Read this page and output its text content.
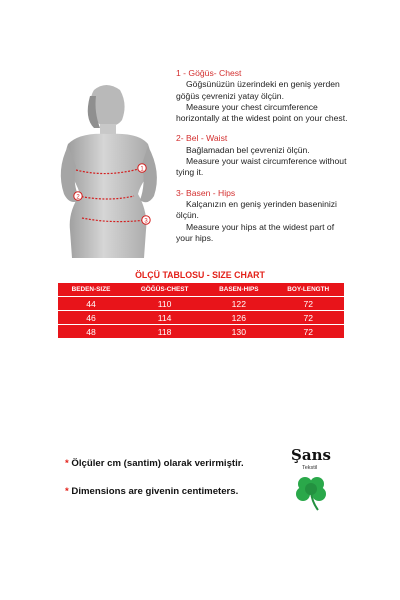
1
2
3
1 - Göğüs- Chest

Göğsünüzün üzerindeki en geniş yerden

göğüs çevrenizi yatay ölçün.

Measure your chest circumference

horizontally at the widest point on your chest.

2- Bel - Waist

Bağlamadan bel çevrenizi ölçün.

Measure your waist circumference without

tying it.

3- Basen - Hips

Kalçanızın en geniş yerinden baseninizi

ölçün.

Measure your hips at the widest part of

your hips.

ÖLÇÜ TABLOSU - SIZE CHART
BEDEN-SIZE	GÖĞÜS-CHEST	BASEN-HIPS	BOY-LENGTH
44	110	122	72
46	114	126	72
48	118	130	72
* Ölçüler cm (santim) olarak verirmiştir.
* Dimensions are givenin centimeters.
Şans
Tekstil
